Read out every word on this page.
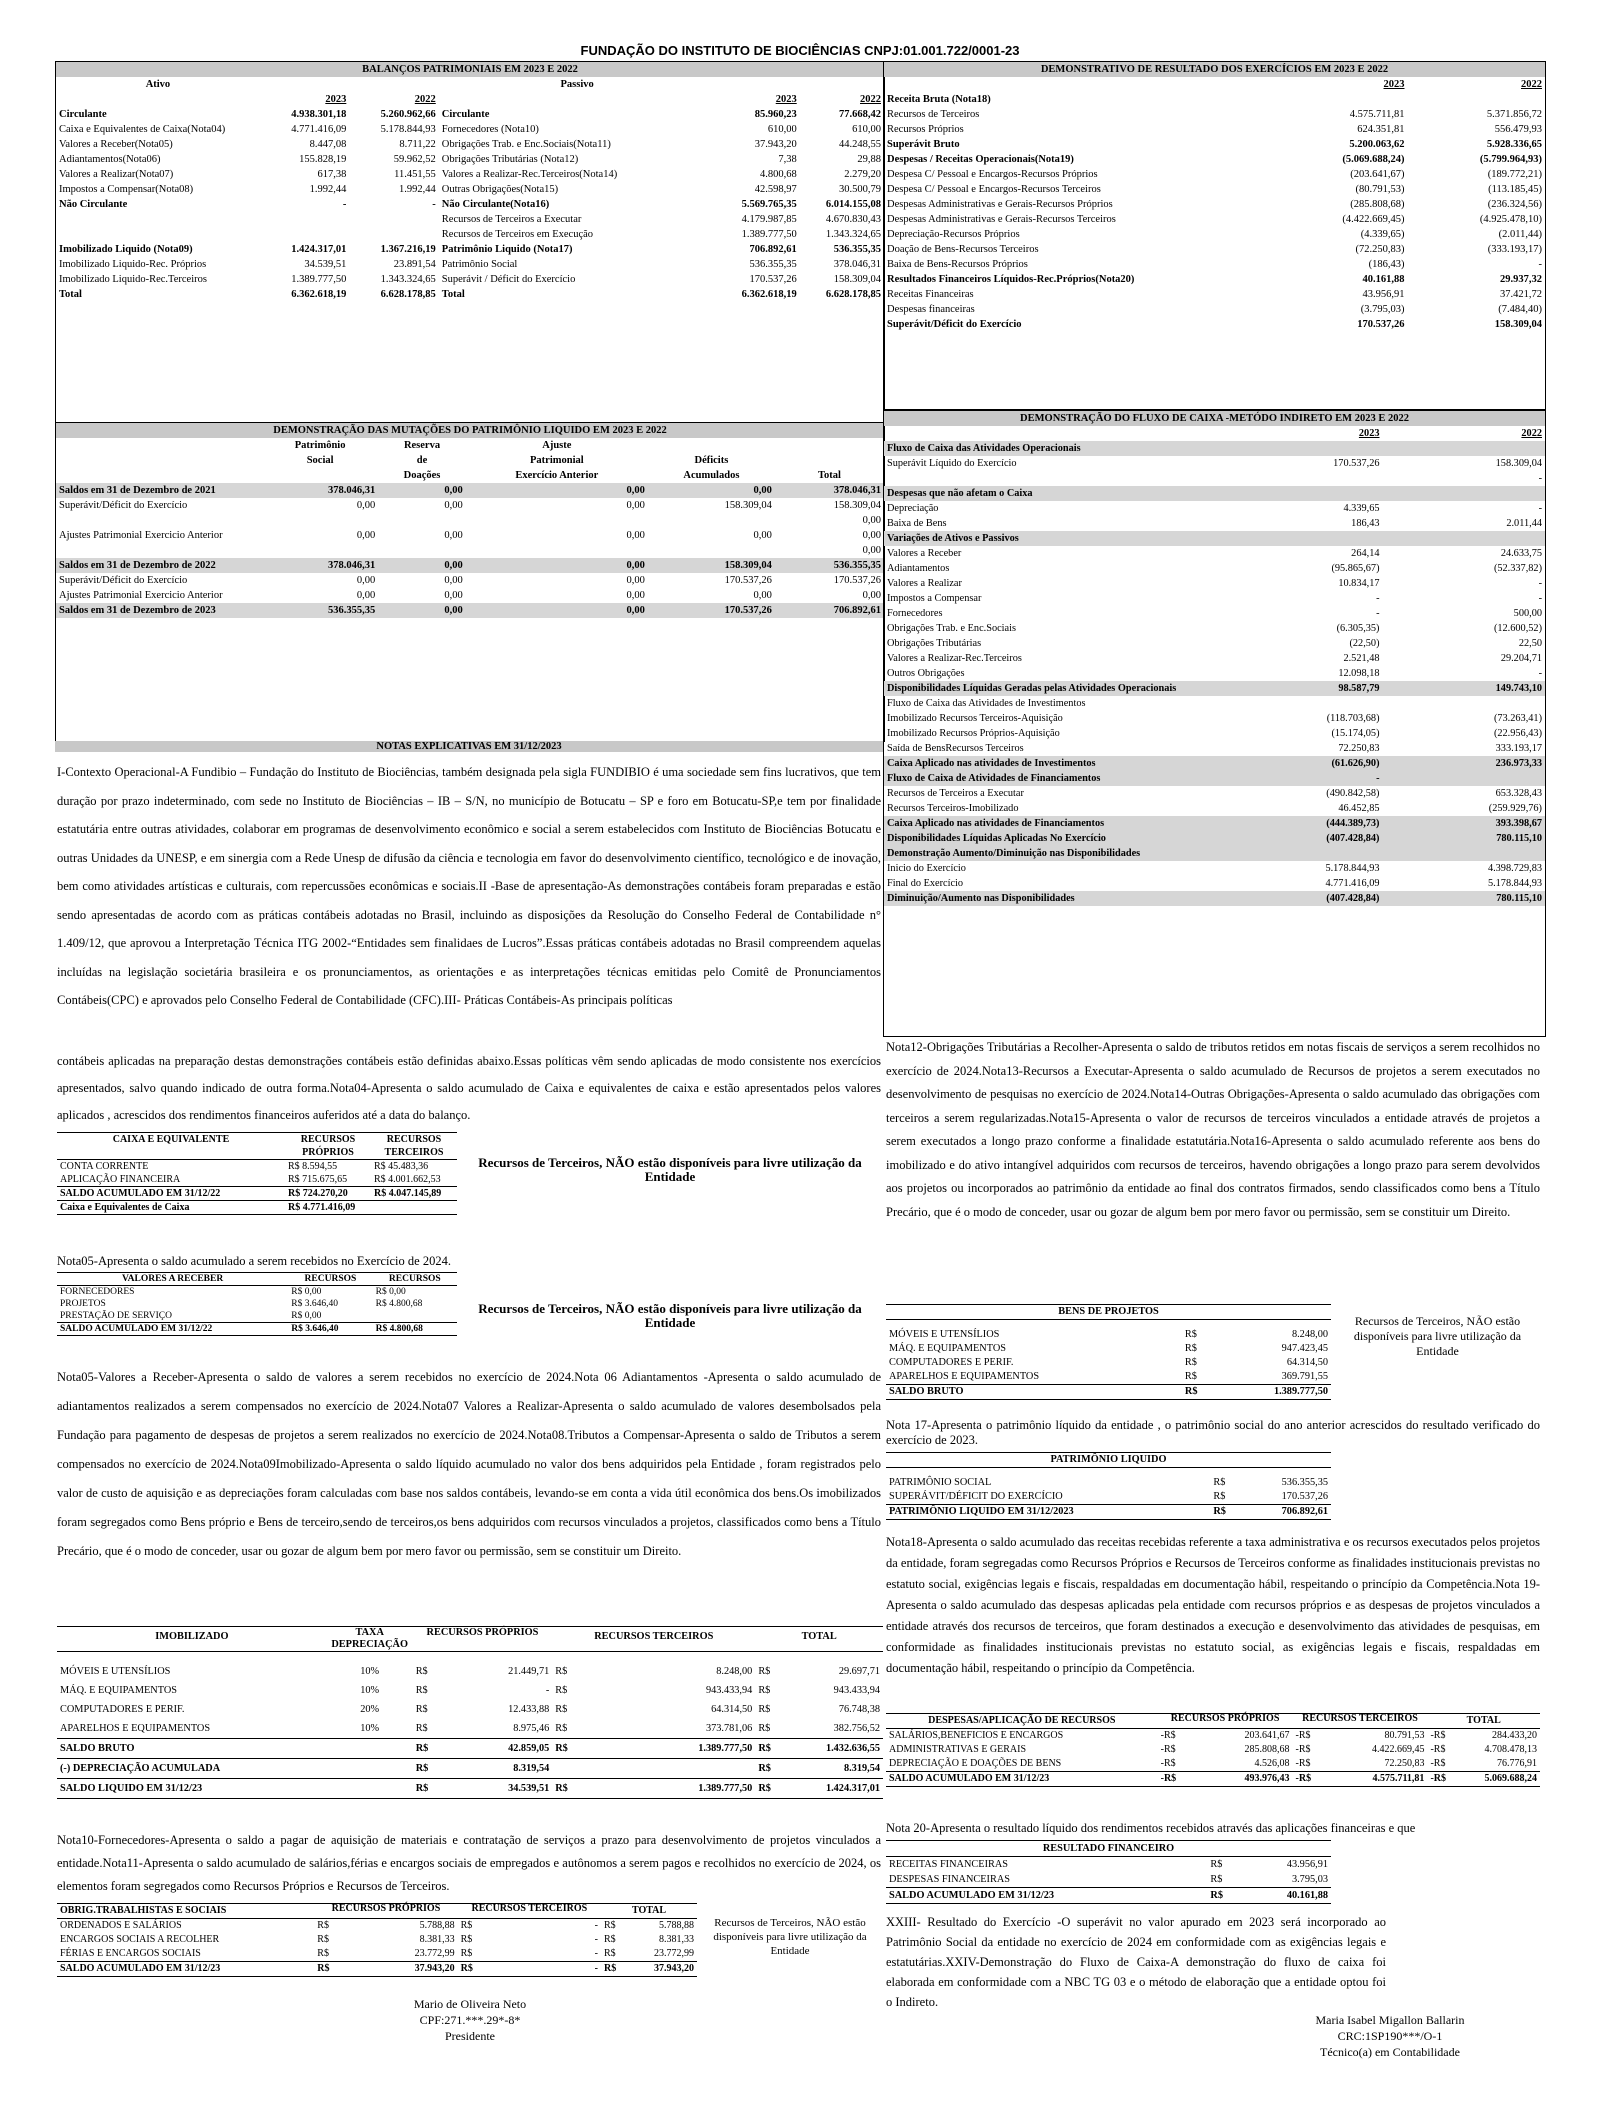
FUNDAÇÃO DO INSTITUTO DE BIOCIÊNCIAS CNPJ:01.001.722/0001-23
BALANÇOS PATRIMONIAIS EM 2023 E 2022
Ativo			Passivo		
	2023	2022		2023	2022
Circulante	4.938.301,18	5.260.962,66	Circulante	85.960,23	77.668,42

Caixa e Equivalentes de Caixa(Nota04)	4.771.416,09	5.178.844,93	Fornecedores (Nota10)	610,00	610,00
Valores a Receber(Nota05)	8.447,08	8.711,22	Obrigações Trab. e Enc.Sociais(Nota11)	37.943,20	44.248,55
Adiantamentos(Nota06)	155.828,19	59.962,52	Obrigações Tributárias (Nota12)	7,38	29,88
Valores a Realizar(Nota07)	617,38	11.451,55	Valores a Realizar-Rec.Terceiros(Nota14)	4.800,68	2.279,20
Impostos a Compensar(Nota08)	1.992,44	1.992,44	Outras Obrigações(Nota15)	42.598,97	30.500,79

Não Circulante	-	-	Não Circulante(Nota16)	5.569.765,35	6.014.155,08
			Recursos de Terceiros a Executar	4.179.987,85	4.670.830,43
			Recursos de Terceiros em Execução	1.389.777,50	1.343.324,65

Imobilizado Liquido (Nota09)	1.424.317,01	1.367.216,19	Patrimônio Liquido (Nota17)	706.892,61	536.355,35
Imobilizado Liquido-Rec. Próprios	34.539,51	23.891,54	Patrimônio Social	536.355,35	378.046,31
Imobilizado Liquido-Rec.Terceiros	1.389.777,50	1.343.324,65	Superávit / Déficit do Exercício	170.537,26	158.309,04

Total	6.362.618,19	6.628.178,85	Total	6.362.618,19	6.628.178,85
DEMONSTRATIVO DE RESULTADO DOS EXERCÍCIOS EM 2023 E 2022
	2023	2022
Receita Bruta (Nota18)		
Recursos de Terceiros	4.575.711,81	5.371.856,72
Recursos Próprios	624.351,81	556.479,93

Superávit Bruto	5.200.063,62	5.928.336,65

Despesas / Receitas Operacionais(Nota19)	(5.069.688,24)	(5.799.964,93)
Despesa C/ Pessoal e Encargos-Recursos Próprios	(203.641,67)	(189.772,21)
Despesa C/ Pessoal e Encargos-Recursos Terceiros	(80.791,53)	(113.185,45)
Despesas Administrativas e Gerais-Recursos Próprios	(285.808,68)	(236.324,56)
Despesas Administrativas e Gerais-Recursos Terceiros	(4.422.669,45)	(4.925.478,10)
Depreciação-Recursos Próprios	(4.339,65)	(2.011,44)
Doação de Bens-Recursos Terceiros	(72.250,83)	(333.193,17)
Baixa de Bens-Recursos Próprios	(186,43)	-
Resultados Financeiros Líquidos-Rec.Próprios(Nota20)	40.161,88	29.937,32
Receitas Financeiras	43.956,91	37.421,72
Despesas financeiras	(3.795,03)	(7.484,40)
Superávit/Déficit do Exercício	170.537,26	158.309,04
DEMONSTRAÇÃO DAS MUTAÇÕES DO PATRIMÔNIO LIQUIDO EM 2023 E 2022
	Patrimônio	Reserva	Ajuste		
	Social	de	Patrimonial	Déficits	
		Doações	Exercício Anterior	Acumulados	Total
Saldos em 31 de Dezembro de 2021	378.046,31	0,00	0,00	0,00	378.046,31

Superávit/Déficit do Exercício	0,00	0,00	0,00	158.309,04	158.309,04
					0,00
Ajustes Patrimonial Exercicio Anterior	0,00	0,00	0,00	0,00	0,00
					0,00
Saldos em 31 de Dezembro de 2022	378.046,31	0,00	0,00	158.309,04	536.355,35

Superávit/Déficit do Exercício	0,00	0,00	0,00	170.537,26	170.537,26

Ajustes Patrimonial Exercicio Anterior	0,00	0,00	0,00	0,00	0,00
Saldos em 31 de Dezembro de 2023	536.355,35	0,00	0,00	170.537,26	706.892,61
DEMONSTRAÇÃO DO FLUXO DE CAIXA -METÓDO INDIRETO EM 2023 E 2022
	2023	2022
Fluxo de Caixa das Atividades Operacionais		
Superávit Líquido do Exercício	170.537,26	158.309,04
		-
Despesas que não afetam o Caixa		
Depreciação	4.339,65	-
Baixa de Bens	186,43	2.011,44
Variações de Ativos e Passivos		
Valores a Receber	264,14	24.633,75
Adiantamentos	(95.865,67)	(52.337,82)
Valores a Realizar	10.834,17	-
Impostos a Compensar	-	-
Fornecedores	-	500,00
Obrigações Trab. e Enc.Sociais	(6.305,35)	(12.600,52)
Obrigações Tributárias	(22,50)	22,50
Valores a Realizar-Rec.Terceiros	2.521,48	29.204,71
Outros Obrigações	12.098,18	-
Disponibilidades Líquidas Geradas pelas Atividades Operacionais	98.587,79	149.743,10
Fluxo de Caixa das Atividades de Investimentos		
Imobilizado Recursos Terceiros-Aquisição	(118.703,68)	(73.263,41)
Imobilizado Recursos Próprios-Aquisição	(15.174,05)	(22.956,43)
Saída de BensRecursos Terceiros	72.250,83	333.193,17
Caixa Aplicado nas atividades de Investimentos	(61.626,90)	236.973,33
Fluxo de Caixa de Atividades de Financiamentos	-	
Recursos de Terceiros a Executar	(490.842,58)	653.328,43
Recursos Terceiros-Imobilizado	46.452,85	(259.929,76)
Caixa Aplicado nas atividades de Financiamentos	(444.389,73)	393.398,67

Disponibilidades Líquidas Aplicadas No Exercício	(407.428,84)	780.115,10
Demonstração Aumento/Diminuição nas Disponibilidades		
Inicio do Exercício	5.178.844,93	4.398.729,83

Final do Exercício	4.771.416,09	5.178.844,93
Diminuição/Aumento nas Disponibilidades	(407.428,84)	780.115,10
NOTAS EXPLICATIVAS EM 31/12/2023
I-Contexto Operacional-A Fundibio – Fundação do Instituto de Biociências, também designada pela sigla FUNDIBIO é uma sociedade sem fins lucrativos, que tem duração por prazo indeterminado, com sede no Instituto de Biociências – IB – S/N, no município de Botucatu – SP e foro em Botucatu-SP,e tem por finalidade estatutária entre outras atividades, colaborar em programas de desenvolvimento econômico e social a serem estabelecidos com Instituto de Biociências Botucatu e outras Unidades da UNESP, e em sinergia com a Rede Unesp de difusão da ciência e tecnologia em favor do desenvolvimento científico, tecnológico e de inovação, bem como atividades artísticas e culturais, com repercussões econômicas e sociais.II -Base de apresentação-As demonstrações contábeis foram preparadas e estão sendo apresentadas de acordo com as práticas contábeis adotadas no Brasil, incluindo as disposições da Resolução do Conselho Federal de Contabilidade n° 1.409/12, que aprovou a Interpretação Técnica ITG 2002-“Entidades sem finalidaes de Lucros”.Essas práticas contábeis adotadas no Brasil compreendem aquelas incluídas na legislação societária brasileira e os pronunciamentos, as orientações e as interpretações técnicas emitidas pelo Comitê de Pronunciamentos Contábeis(CPC) e aprovados pelo Conselho Federal de Contabilidade (CFC).III- Práticas Contábeis-As principais políticas
contábeis aplicadas na preparação destas demonstrações contábeis estão definidas abaixo.Essas políticas vêm sendo aplicadas de modo consistente nos exercícios apresentados, salvo quando indicado de outra forma.Nota04-Apresenta o saldo acumulado de Caixa e equivalentes de caixa e estão apresentados pelos valores aplicados , acrescidos dos rendimentos financeiros auferidos até a data do balanço.
CAIXA E EQUIVALENTE	RECURSOS PRÓPRIOS	RECURSOS TERCEIROS
CONTA CORRENTE	R$ 8.594,55	R$ 45.483,36
APLICAÇÃO FINANCEIRA	R$ 715.675,65	R$ 4.001.662,53
SALDO ACUMULADO EM 31/12/22	R$ 724.270,20	R$ 4.047.145,89
Caixa e Equivalentes de Caixa	R$ 4.771.416,09	
Recursos de Terceiros, NÃO estão disponíveis para livre utilização da Entidade
Nota05-Apresenta o saldo acumulado a serem recebidos no Exercício de 2024.
VALORES A RECEBER	RECURSOS	RECURSOS
FORNECEDORES	R$ 0,00	R$ 0,00
PROJETOS	R$ 3.646,40	R$ 4.800,68
PRESTAÇÃO DE SERVIÇO	R$ 0,00	
SALDO ACUMULADO EM 31/12/22	R$ 3.646,40	R$ 4.800,68
Recursos de Terceiros, NÃO estão disponíveis para livre utilização da Entidade
Nota05-Valores a Receber-Apresenta o saldo de valores a serem recebidos no exercício de 2024.Nota 06 Adiantamentos -Apresenta o saldo acumulado de adiantamentos realizados a serem compensados no exercício de 2024.Nota07 Valores a Realizar-Apresenta o saldo acumulado de valores desembolsados pela Fundação para pagamento de despesas de projetos a serem realizados no exercício de 2024.Nota08.Tributos a Compensar-Apresenta o saldo de Tributos a serem compensados no exercício de 2024.Nota09Imobilizado-Apresenta o saldo líquido acumulado no valor dos bens adquiridos pela Entidade , foram registrados pelo valor de custo de aquisição e as depreciações foram calculadas com base nos saldos contábeis, levando-se em conta a vida útil econômica dos bens.Os imobilizados foram segregados como Bens próprio e Bens de terceiro,sendo de terceiros,os bens adquiridos com recursos vinculados a projetos, classificados como bens a Título Precário, que é o modo de conceder, usar ou gozar de algum bem por mero favor ou permissão, sem se constituir um Direito.
IMOBILIZADO	TAXA DEPRECIAÇÃO	RECURSOS PRÓPRIOS		RECURSOS TERCEIROS		TOTAL	

MÓVEIS E UTENSÍLIOS	10%	R$	21.449,71	R$	8.248,00	R$	29.697,71
MÁQ. E EQUIPAMENTOS	10%	R$	-	R$	943.433,94	R$	943.433,94
COMPUTADORES E PERIF.	20%	R$	12.433,88	R$	64.314,50	R$	76.748,38
APARELHOS E EQUIPAMENTOS	10%	R$	8.975,46	R$	373.781,06	R$	382.756,52
SALDO BRUTO		R$	42.859,05	R$	1.389.777,50	R$	1.432.636,55
(-) DEPRECIAÇÃO ACUMULADA		R$	8.319,54			R$	8.319,54
SALDO LIQUIDO EM 31/12/23		R$	34.539,51	R$	1.389.777,50	R$	1.424.317,01
Nota10-Fornecedores-Apresenta o saldo a pagar de aquisição de materiais e contratação de serviços a prazo para desenvolvimento de projetos vinculados a entidade.Nota11-Apresenta o saldo acumulado de salários,férias e encargos sociais de empregados e autônomos a serem pagos e recolhidos no exercício de 2024, os elementos foram segregados como Recursos Próprios e Recursos de Terceiros.
OBRIG.TRABALHISTAS E SOCIAIS	RECURSOS PRÓPRIOS		RECURSOS TERCEIROS		TOTAL	
ORDENADOS E SALÁRIOS	R$	5.788,88	R$	-	R$	5.788,88
ENCARGOS SOCIAIS A RECOLHER	R$	8.381,33	R$	-	R$	8.381,33
FÉRIAS E ENCARGOS SOCIAIS	R$	23.772,99	R$	-	R$	23.772,99
SALDO ACUMULADO EM 31/12/23	R$	37.943,20	R$	-	R$	37.943,20
Recursos de Terceiros, NÃO estão disponíveis para livre utilização da Entidade
Mario de Oliveira Neto
CPF:271.***.29*-8*
Presidente
Nota12-Obrigações Tributárias a Recolher-Apresenta o saldo de tributos retidos em notas fiscais de serviços a serem recolhidos no exercício de 2024.Nota13-Recursos a Executar-Apresenta o saldo acumulado de Recursos de projetos a serem executados no desenvolvimento de pesquisas no exercício de 2024.Nota14-Outras Obrigações-Apresenta o saldo acumulado das obrigações com terceiros a serem regularizadas.Nota15-Apresenta o valor de recursos de terceiros vinculados a entidade através de projetos a serem executados a longo prazo conforme a finalidade estatutária.Nota16-Apresenta o saldo acumulado referente aos bens do imobilizado e do ativo intangível adquiridos com recursos de terceiros, havendo obrigações a longo prazo para serem devolvidos aos projetos ou incorporados ao patrimônio da entidade ao final dos contratos firmados, sendo classificados como bens a Título Precário, que é o modo de conceder, usar ou gozar de algum bem por mero favor ou permissão, sem se constituir um Direito.
BENS DE PROJETOS		

MÓVEIS E UTENSÍLIOS	R$	8.248,00
MÁQ. E EQUIPAMENTOS	R$	947.423,45
COMPUTADORES E PERIF.	R$	64.314,50
APARELHOS E EQUIPAMENTOS	R$	369.791,55
SALDO BRUTO	R$	1.389.777,50
Recursos de Terceiros, NÃO estão disponíveis para livre utilização da Entidade
Nota 17-Apresenta o patrimônio líquido da entidade , o patrimônio social do ano anterior acrescidos do resultado verificado do exercício de 2023.
PATRIMÔNIO LIQUIDO		

PATRIMÔNIO SOCIAL	R$	536.355,35
SUPERÁVIT/DÉFICIT DO EXERCÍCIO	R$	170.537,26
PATRIMÔNIO LIQUIDO EM 31/12/2023	R$	706.892,61
Nota18-Apresenta o saldo acumulado das receitas recebidas referente a taxa administrativa e os recursos executados pelos projetos da entidade, foram segregadas como Recursos Próprios e Recursos de Terceiros conforme as finalidades institucionais previstas no estatuto social, exigências legais e fiscais, respaldadas em documentação hábil, respeitando o princípio da Competência.Nota 19-Apresenta o saldo acumulado das despesas aplicadas pela entidade com recursos próprios e as despesas de projetos vinculados a entidade através dos recursos de terceiros, que foram destinados a execução e desenvolvimento das atividades de pesquisas, em conformidade as finalidades institucionais previstas no estatuto social, as exigências legais e fiscais, respaldadas em documentação hábil, respeitando o princípio da Competência.
DESPESAS/APLICAÇÃO DE RECURSOS	RECURSOS PRÓPRIOS		RECURSOS TERCEIROS		TOTAL	
SALÁRIOS,BENEFICIOS E ENCARGOS	-R$	203.641,67	-R$	80.791,53	-R$	284.433,20
ADMINISTRATIVAS E GERAIS	-R$	285.808,68	-R$	4.422.669,45	-R$	4.708.478,13
DEPRECIAÇÃO E DOAÇÕES DE BENS	-R$	4.526,08	-R$	72.250,83	-R$	76.776,91
SALDO ACUMULADO EM 31/12/23	-R$	493.976,43	-R$	4.575.711,81	-R$	5.069.688,24
Nota 20-Apresenta o resultado líquido dos rendimentos recebidos através das aplicações financeiras e que
RESULTADO FINANCEIRO		
RECEITAS FINANCEIRAS	R$	43.956,91
DESPESAS FINANCEIRAS	R$	3.795,03
SALDO ACUMULADO EM 31/12/23	R$	40.161,88
XXIII- Resultado do Exercício -O superávit no valor apurado em 2023 será incorporado ao Patrimônio Social da entidade no exercício de 2024 em conformidade com as exigências legais e estatutárias.XXIV-Demonstração do Fluxo de Caixa-A demonstração do fluxo de caixa foi elaborada em conformidade com a NBC TG 03 e o método de elaboração que a entidade optou foi o Indireto.
Maria Isabel Migallon Ballarin
CRC:1SP190***/O-1
Técnico(a) em Contabilidade
